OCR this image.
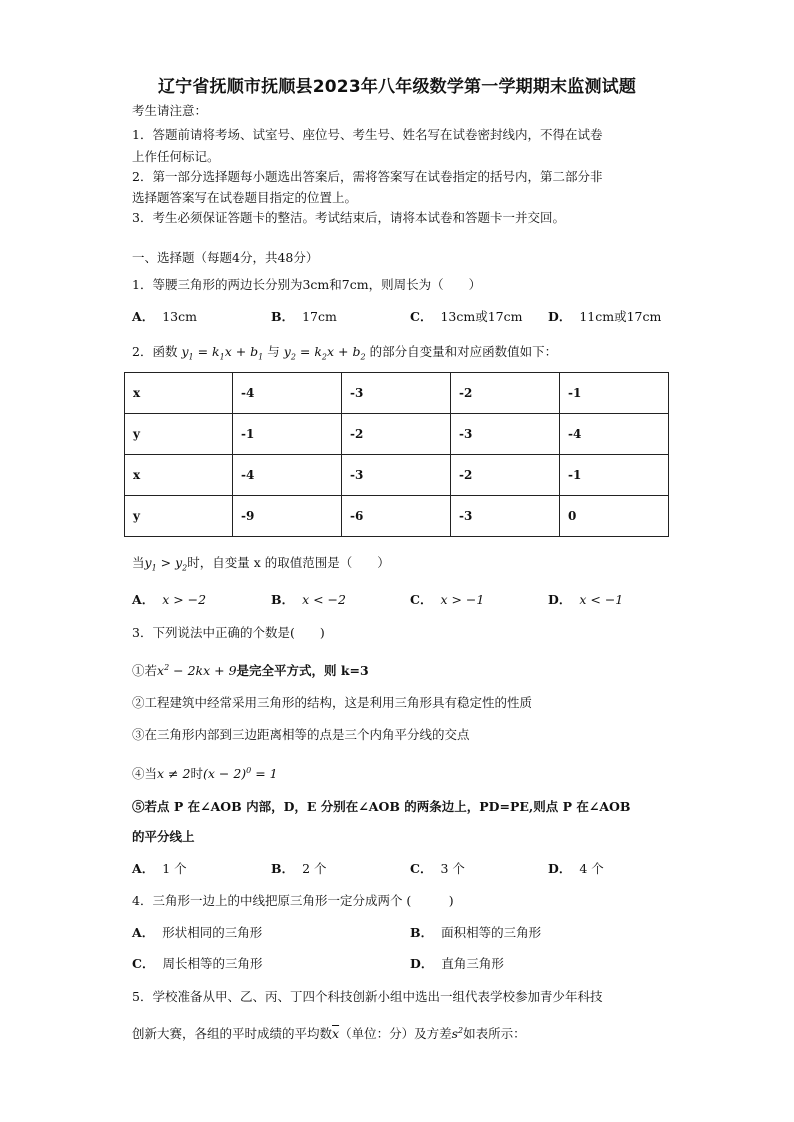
辽宁省抚顺市抚顺县2023年八年级数学第一学期期末监测试题
考生请注意：
1．答题前请将考场、试室号、座位号、考生号、姓名写在试卷密封线内，不得在试卷
上作任何标记。
2．第一部分选择题每小题选出答案后，需将答案写在试卷指定的括号内，第二部分非
选择题答案写在试卷题目指定的位置上。
3．考生必须保证答题卡的整洁。考试结束后，请将本试卷和答题卡一并交回。
一、选择题（每题4分，共48分）
1．等腰三角形的两边长分别为3cm和7cm，则周长为（　　）
A． 13cm	B． 17cm	C． 13cm或17cm D． 11cm或17cm
2．函数 $y_1 = k_1x + b_1$ 与 $y_2 = k_2x + b_2$ 的部分自变量和对应函数值如下：
x	-4	-3	-2	-1
y	-1	-2	-3	-4
x	-4	-3	-2	-1
y	-9	-6	-3	0
当$y_1 > y_2$时，自变量 x 的取值范围是（　　）
A． x > −2	B． x < −2	C． x > −1	D． x < −1
3．下列说法中正确的个数是(　　)
①若$x^2 - 2kx + 9$是完全平方式，则 k=3
②工程建筑中经常采用三角形的结构，这是利用三角形具有稳定性的性质
③在三角形内部到三边距离相等的点是三个内角平分线的交点
④当x ≠ 2时$(x - 2)^0 = 1$
⑤若点 P 在∠AOB 内部，D，E 分别在∠AOB 的两条边上，PD=PE,则点 P 在∠AOB
的平分线上
A． 1 个	B． 2 个	C． 3 个	D． 4 个
4．三角形一边上的中线把原三角形一定分成两个 (　　　)
A． 形状相同的三角形	B． 面积相等的三角形
C． 周长相等的三角形	D． 直角三角形
5．学校准备从甲、乙、丙、丁四个科技创新小组中选出一组代表学校参加青少年科技
创新大赛，各组的平时成绩的平均数$\overline{x}$（单位：分）及方差$s^2$如表所示：
